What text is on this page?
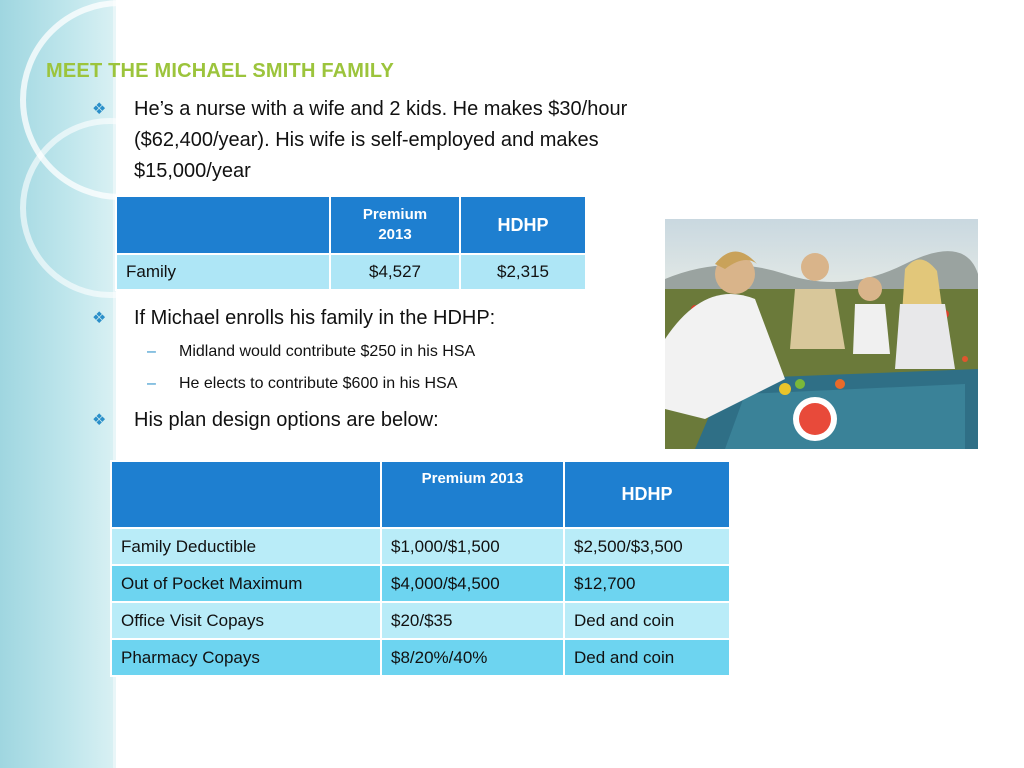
MEET THE MICHAEL SMITH FAMILY
❖ He’s a nurse with a wife and 2 kids. He makes $30/hour
($62,400/year). His wife is self-employed and makes
$15,000/year

	Premium
2013	HDHP
Family	$4,527	$2,315
❖ If Michael enrolls his family in the HDHP:
– Midland would contribute $250 in his HSA
– He elects to contribute $600 in his HSA
❖ His plan design options are below:
	Premium 2013	HDHP
Family Deductible	$1,000/$1,500	$2,500/$3,500
Out of Pocket Maximum	$4,000/$4,500	$12,700
Office Visit Copays	$20/$35	Ded and coin
Pharmacy Copays	$8/20%/40%	Ded and coin
